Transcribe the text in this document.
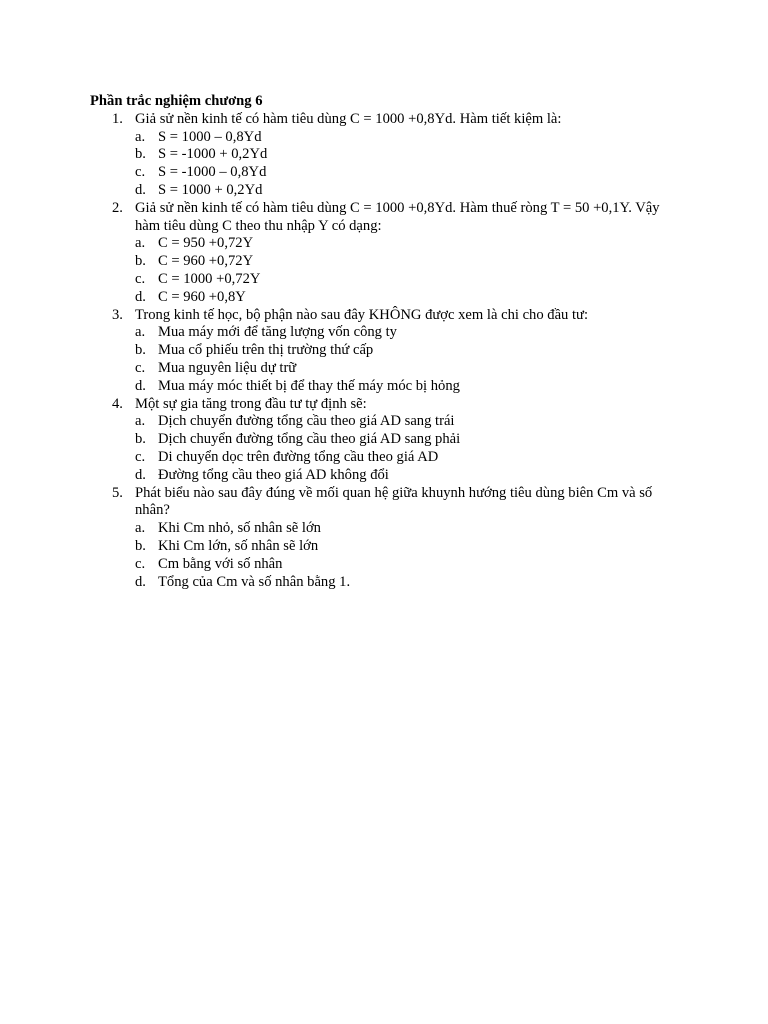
Phần trắc nghiệm chương 6

1. Giả sử nền kinh tế có hàm tiêu dùng C = 1000 +0,8Yd. Hàm tiết kiệm là:
a. S = 1000 – 0,8Yd
b. S = -1000 + 0,2Yd
c. S = -1000 – 0,8Yd
d. S = 1000 + 0,2Yd
2. Giả sử nền kinh tế có hàm tiêu dùng C = 1000 +0,8Yd. Hàm thuế ròng T = 50 +0,1Y. Vậy hàm tiêu dùng C theo thu nhập Y có dạng:
a. C = 950 +0,72Y
b. C = 960 +0,72Y
c. C = 1000 +0,72Y
d. C = 960 +0,8Y
3. Trong kinh tế học, bộ phận nào sau đây KHÔNG được xem là chi cho đầu tư:
a. Mua máy mới để tăng lượng vốn công ty
b. Mua cổ phiếu trên thị trường thứ cấp
c. Mua nguyên liệu dự trữ
d. Mua máy móc thiết bị để thay thế máy móc bị hỏng
4. Một sự gia tăng trong đầu tư tự định sẽ:
a. Dịch chuyển đường tổng cầu theo giá AD sang trái
b. Dịch chuyển đường tổng cầu theo giá AD sang phải
c. Di chuyển dọc trên đường tổng cầu theo giá AD
d. Đường tổng cầu theo giá AD không đổi
5. Phát biểu nào sau đây đúng về mối quan hệ giữa khuynh hướng tiêu dùng biên Cm và số nhân?
a. Khi Cm nhỏ, số nhân sẽ lớn
b. Khi Cm lớn, số nhân sẽ lớn
c. Cm bằng với số nhân
d. Tổng của Cm và số nhân bằng 1.
